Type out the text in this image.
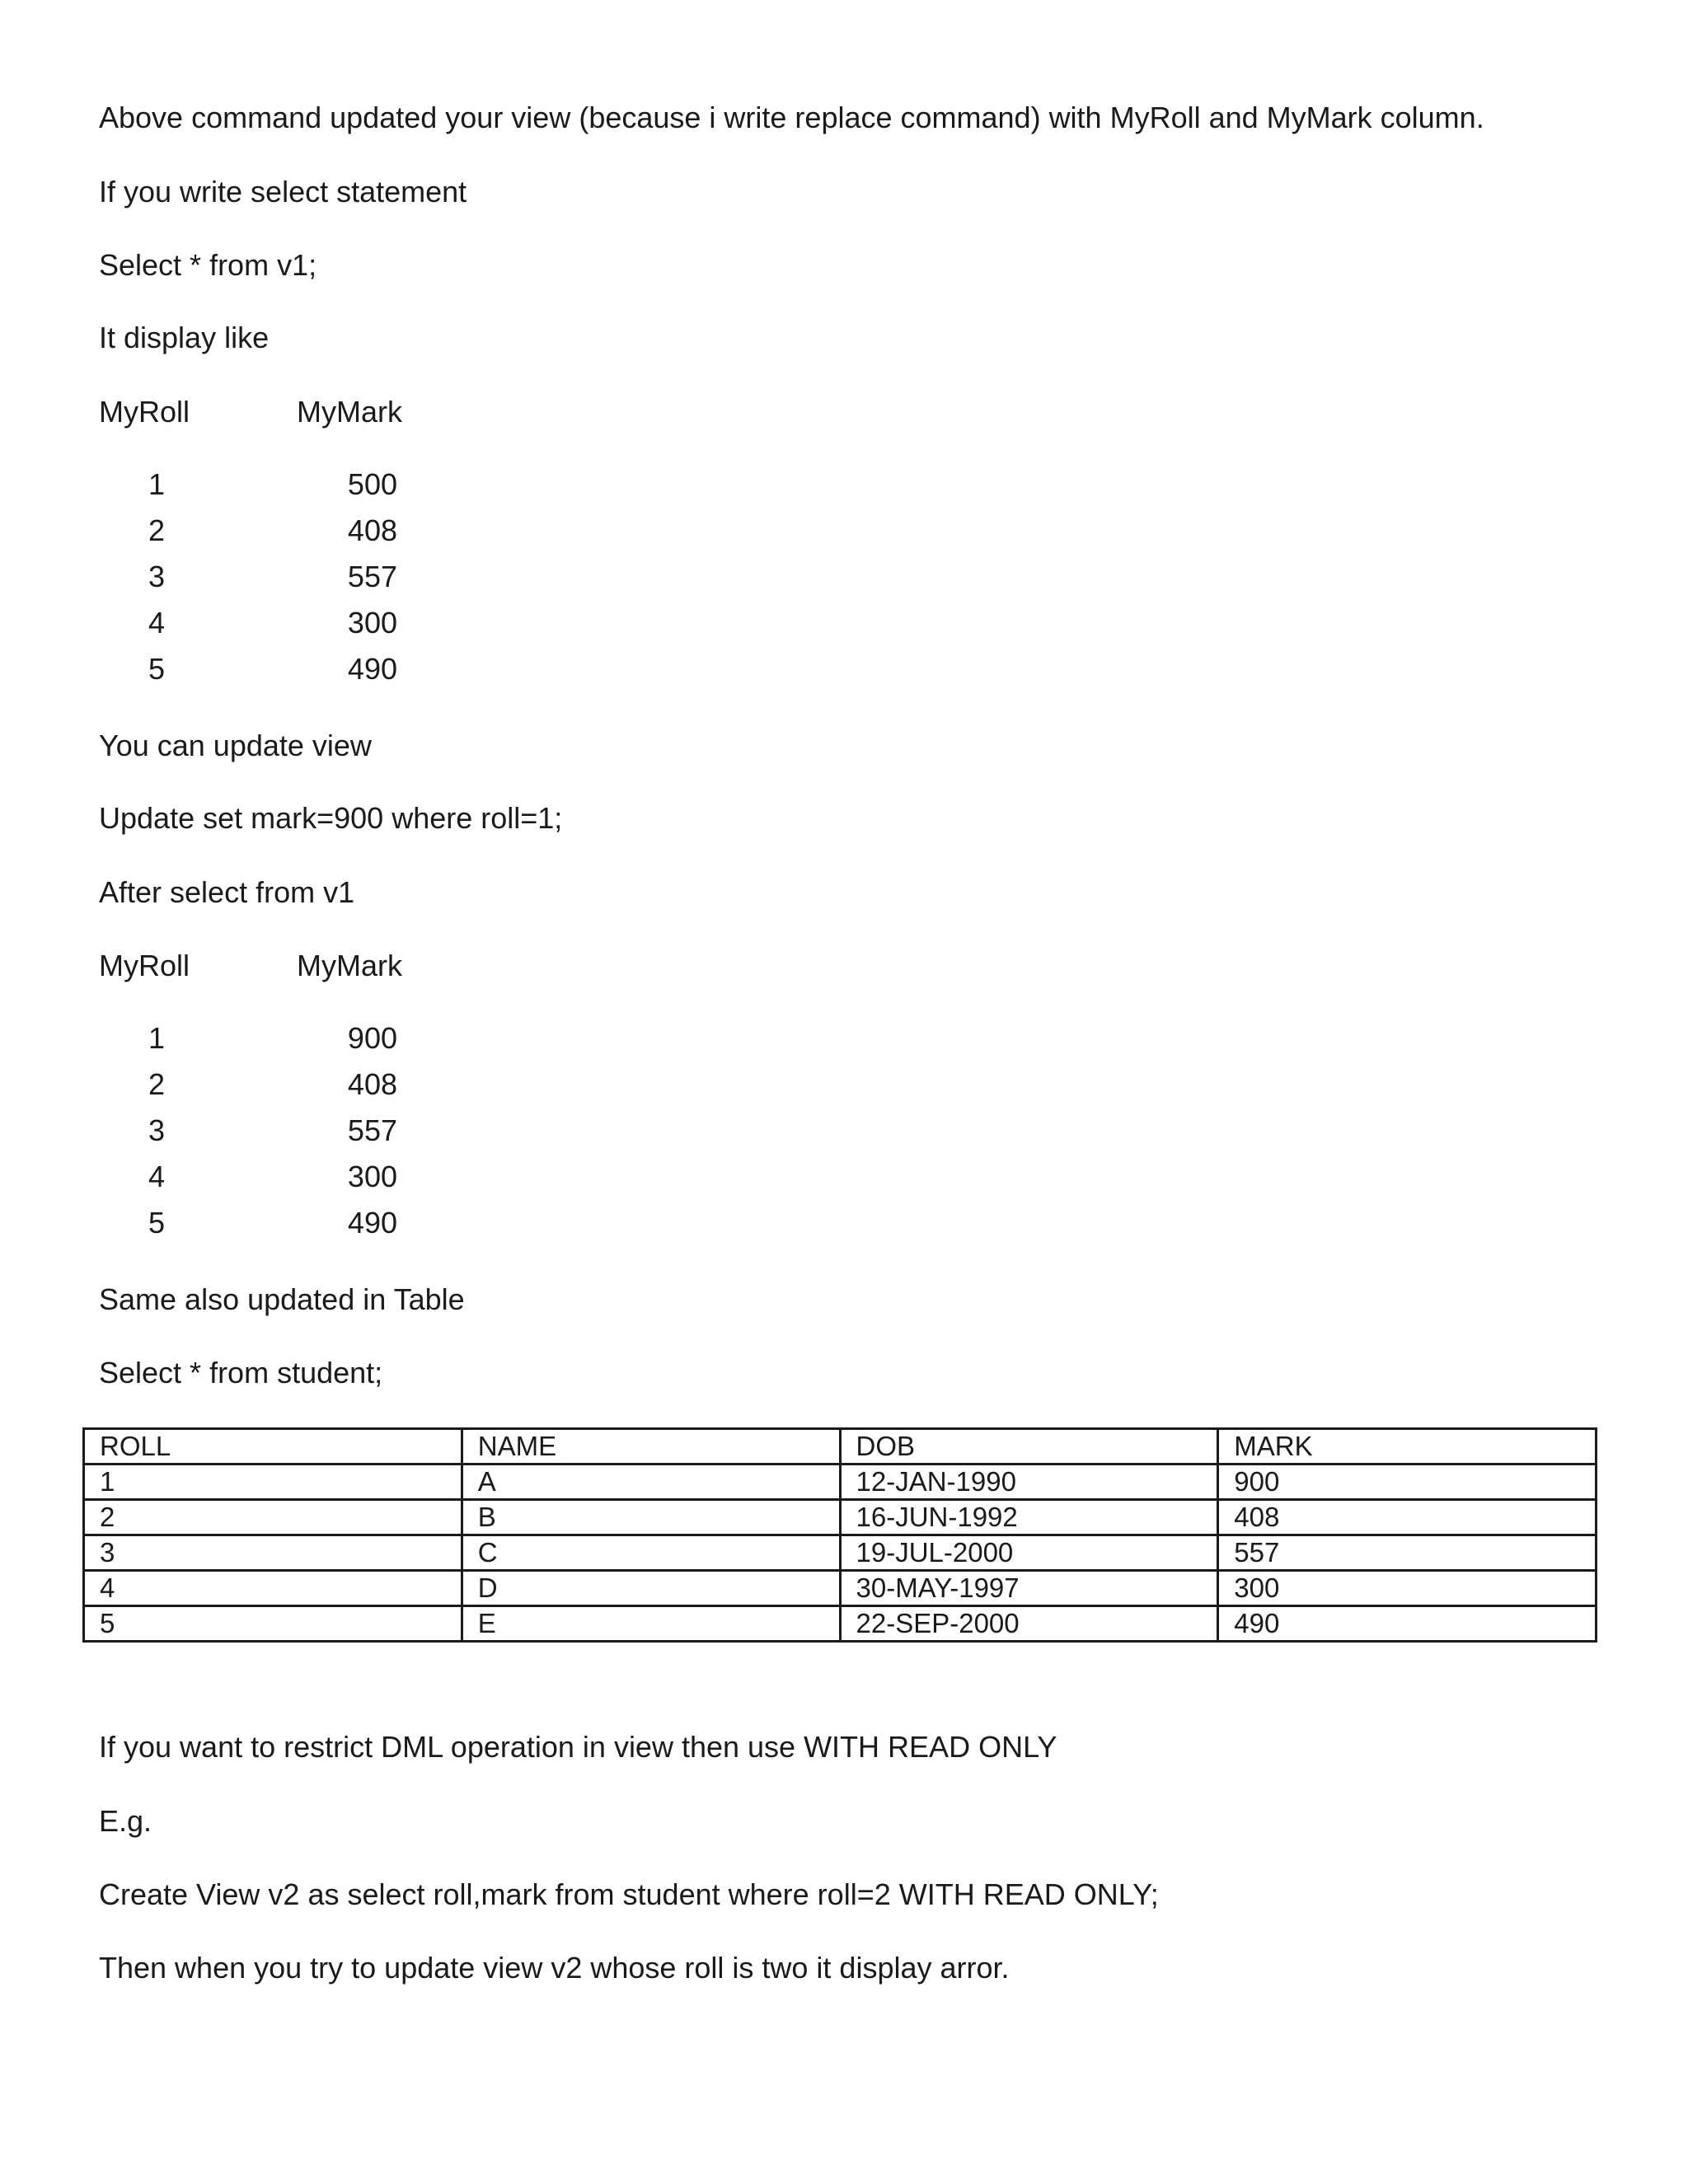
Above command updated your view (because i write replace command) with MyRoll and MyMark column.
If you write select statement
Select * from v1;
It display like
MyRoll	MyMark
1	500
2	408
3	557
4	300
5	490
You can update view
Update set mark=900 where roll=1;
After select from v1
MyRoll	MyMark
1	900
2	408
3	557
4	300
5	490
Same also updated in Table
Select * from student;
ROLL	NAME	DOB	MARK
1	A	12-JAN-1990	900
2	B	16-JUN-1992	408
3	C	19-JUL-2000	557
4	D	30-MAY-1997	300
5	E	22-SEP-2000	490
If you want to restrict DML operation in view then use WITH READ ONLY
E.g.
Create View v2 as select roll,mark from student where roll=2 WITH READ ONLY;
Then when you try to update view v2 whose roll is two it display arror.
